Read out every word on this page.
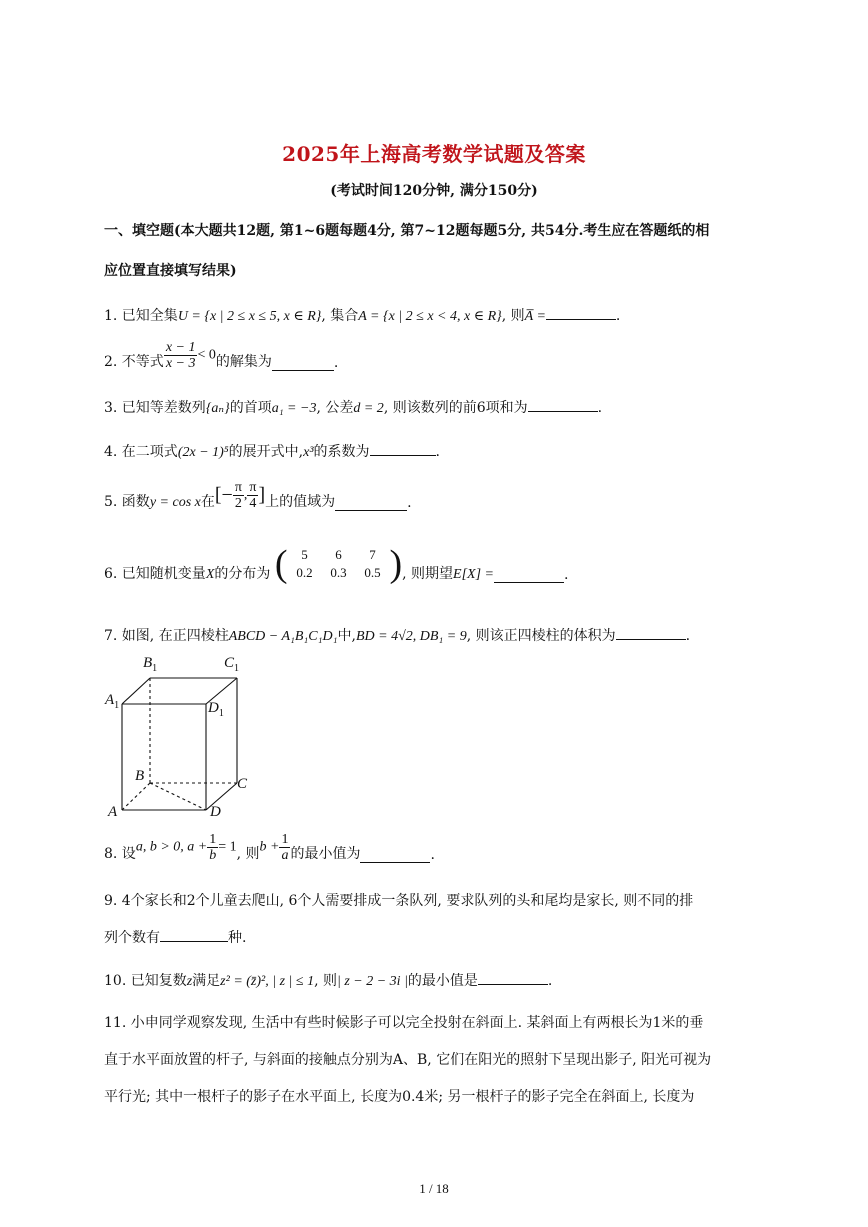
2025年上海高考数学试题及答案
(考试时间120分钟, 满分150分)
一、填空题(本大题共12题, 第1~6题每题4分, 第7~12题每题5分, 共54分.考生应在答题纸的相
应位置直接填写结果)
1. 已知全集U = {x | 2 ≤ x ≤ 5, x ∈ R}, 集合A = {x | 2 ≤ x < 4, x ∈ R}, 则A̅ =	.
2. 不等式 $\frac{x - 1}{x - 3} < 0$的解集为	.
3. 已知等差数列{aₙ}的首项a₁ = −3, 公差d = 2, 则该数列的前6项和为	.
4. 在二项式(2x − 1)⁵的展开式中,x³的系数为	.
5. 函数y = cos x在[− $\frac{\pi}{2}$ , $\frac{\pi}{4}$ ]上的值域为	.
6. 已知随机变量X的分布为 (	5 6 7
0.2 0.3 0.5 ), 则期望E[X] =	.
7. 如图, 在正四棱柱ABCD − A₁B₁C₁D₁中,BD = 4√2, DB₁ = 9, 则该正四棱柱的体积为	.
$B_1$	$C_1$
$A_1$	$D_1$
B	C
A	D
8. 设a, b > 0, $a + \frac{1}{b} = 1$, 则$b + \frac{1}{a}$ 的最小值为	.
9. 4个家长和2个儿童去爬山, 6个人需要排成一条队列, 要求队列的头和尾均是家长, 则不同的排
列个数有	种.
10. 已知复数z满足z² = (z̄)², | z | ≤ 1, 则| z − 2 − 3i |的最小值是	.
11. 小申同学观察发现, 生活中有些时候影子可以完全投射在斜面上. 某斜面上有两根长为1米的垂
直于水平面放置的杆子, 与斜面的接触点分别为A、B, 它们在阳光的照射下呈现出影子, 阳光可视为
平行光; 其中一根杆子的影子在水平面上, 长度为0.4米; 另一根杆子的影子完全在斜面上, 长度为
1 / 18
